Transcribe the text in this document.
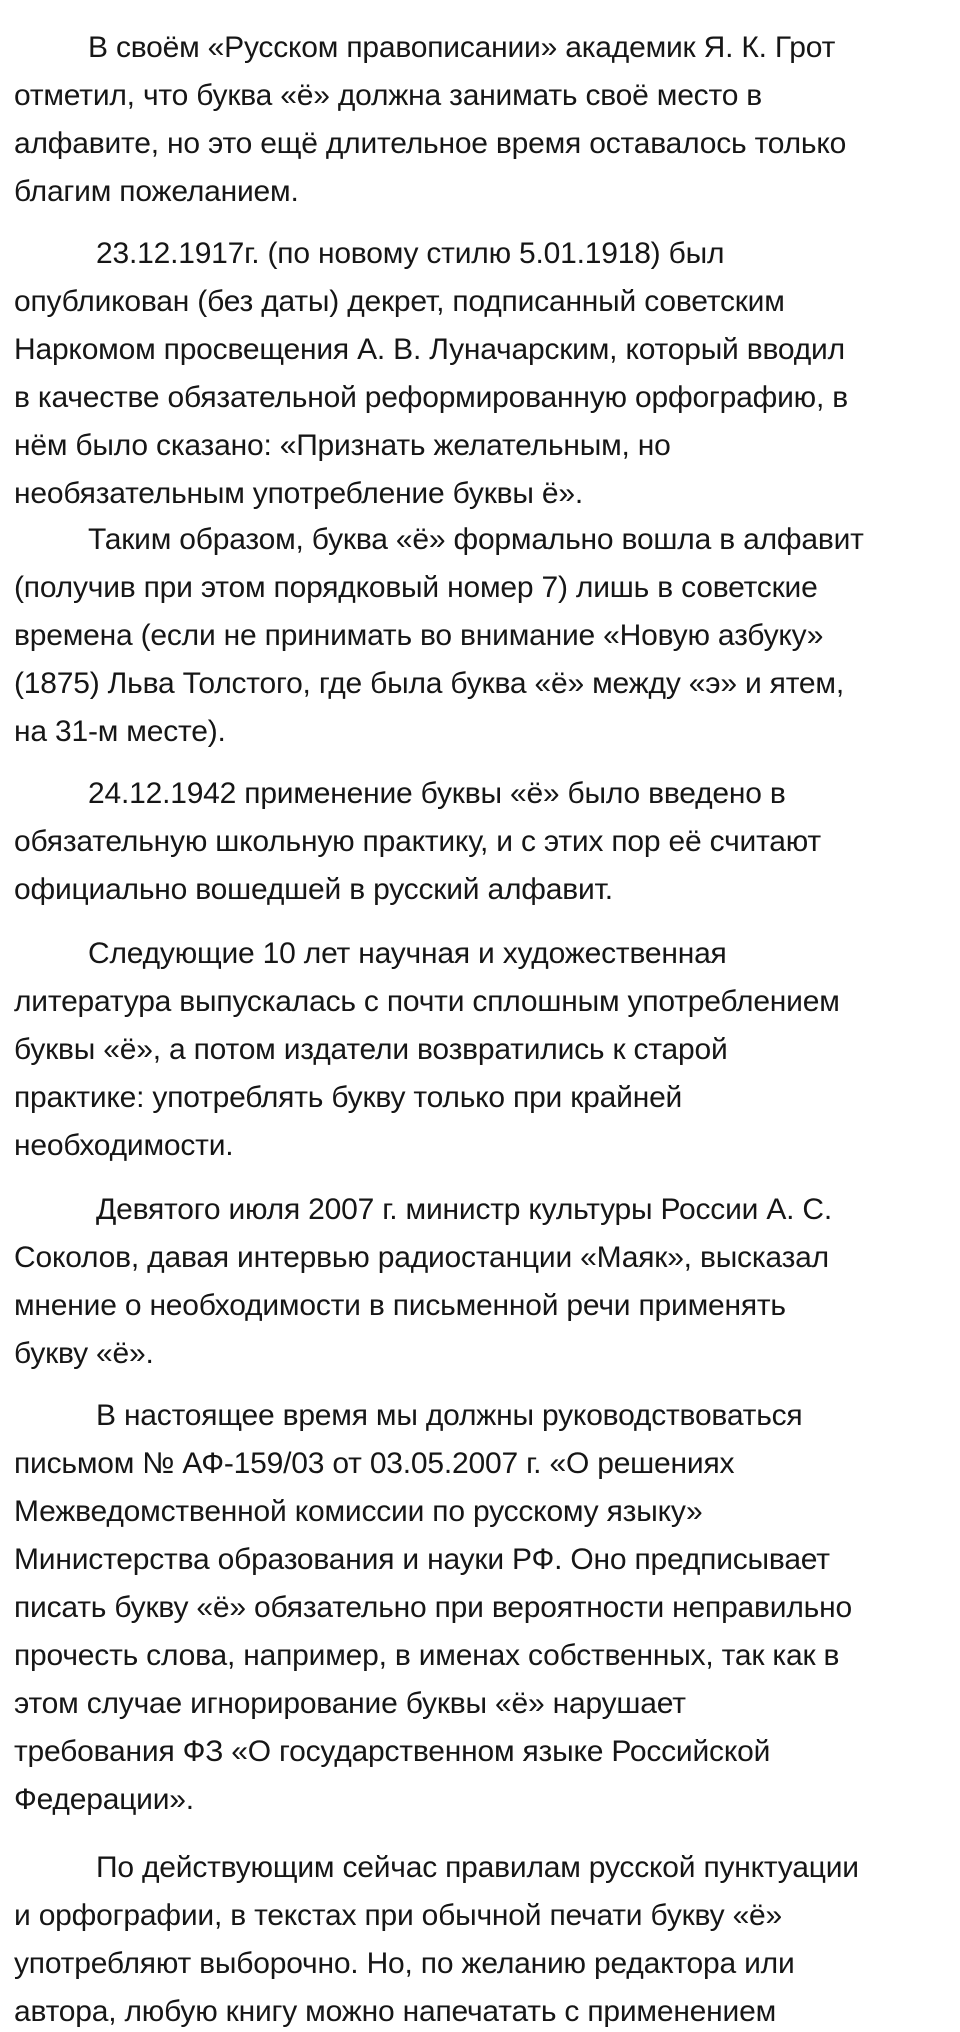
В своём «Русском правописании» академик Я. К. Грот
отметил, что буква «ё» должна занимать своё место в
алфавите, но это ещё длительное время оставалось только
благим пожеланием.
23.12.1917г. (по новому стилю 5.01.1918) был
опубликован (без даты) декрет, подписанный советским
Наркомом просвещения А. В. Луначарским, который вводил
в качестве обязательной реформированную орфографию, в
нём было сказано: «Признать желательным, но
необязательным употребление буквы ё».
Таким образом, буква «ё» формально вошла в алфавит
(получив при этом порядковый номер 7) лишь в советские
времена (если не принимать во внимание «Новую азбуку»
(1875) Льва Толстого, где была буква «ё» между «э» и ятем,
на 31-м месте).
24.12.1942 применение буквы «ё» было введено в
обязательную школьную практику, и с этих пор её считают
официально вошедшей в русский алфавит.
Следующие 10 лет научная и художественная
литература выпускалась с почти сплошным употреблением
буквы «ё», а потом издатели возвратились к старой
практике: употреблять букву только при крайней
необходимости.
Девятого июля 2007 г. министр культуры России А. С.
Соколов, давая интервью радиостанции «Маяк», высказал
мнение о необходимости в письменной речи применять
букву «ё».
В настоящее время мы должны руководствоваться
письмом № АФ-159/03 от 03.05.2007 г. «О решениях
Межведомственной комиссии по русскому языку»
Министерства образования и науки РФ. Оно предписывает
писать букву «ё» обязательно при вероятности неправильно
прочесть слова, например, в именах собственных, так как в
этом случае игнорирование буквы «ё» нарушает
требования ФЗ «О государственном языке Российской
Федерации».
По действующим сейчас правилам русской пунктуации
и орфографии, в текстах при обычной печати букву «ё»
употребляют выборочно. Но, по желанию редактора или
автора, любую книгу можно напечатать с применением
